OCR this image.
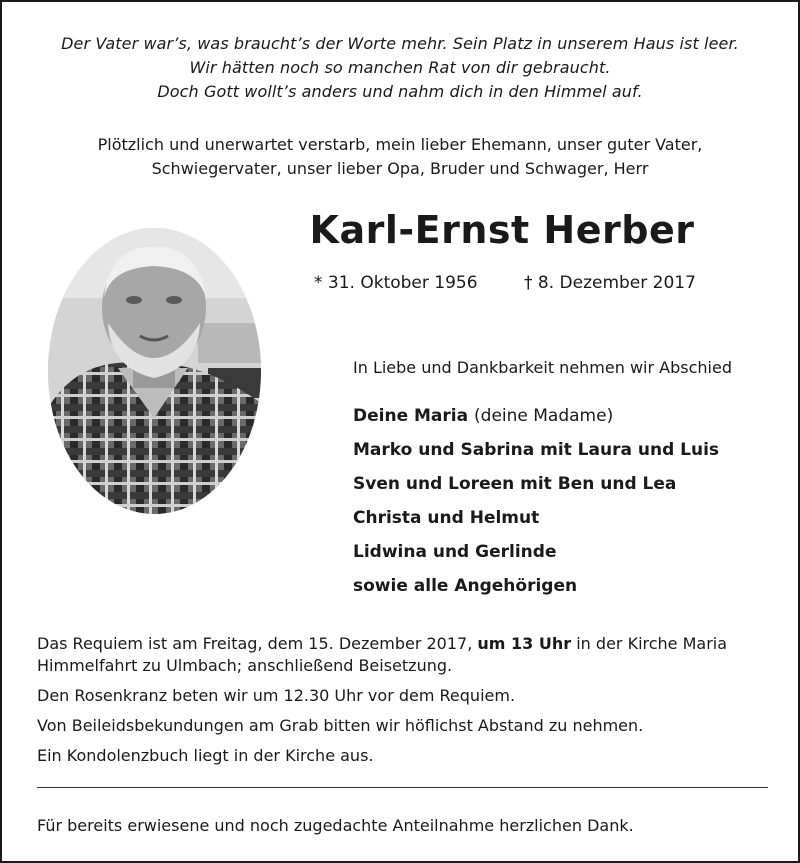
Der Vater war’s, was braucht’s der Worte mehr. Sein Platz in unserem Haus ist leer.
Wir hätten noch so manchen Rat von dir gebraucht.
Doch Gott wollt’s anders und nahm dich in den Himmel auf.
Plötzlich und unerwartet verstarb, mein lieber Ehemann, unser guter Vater,
Schwiegervater, unser lieber Opa, Bruder und Schwager, Herr
Karl-Ernst Herber
* 31. Oktober 1956	† 8. Dezember 2017
In Liebe und Dankbarkeit nehmen wir Abschied
Deine Maria (deine Madame)
Marko und Sabrina mit Laura und Luis
Sven und Loreen mit Ben und Lea
Christa und Helmut
Lidwina und Gerlinde
sowie alle Angehörigen

Das Requiem ist am Freitag, dem 15. Dezember 2017, um 13 Uhr in der Kirche Maria Himmelfahrt zu Ulmbach; anschließend Beisetzung.

Den Rosenkranz beten wir um 12.30 Uhr vor dem Requiem.

Von Beileidsbekundungen am Grab bitten wir höflichst Abstand zu nehmen.

Ein Kondolenzbuch liegt in der Kirche aus.

Für bereits erwiesene und noch zugedachte Anteilnahme herzlichen Dank.
